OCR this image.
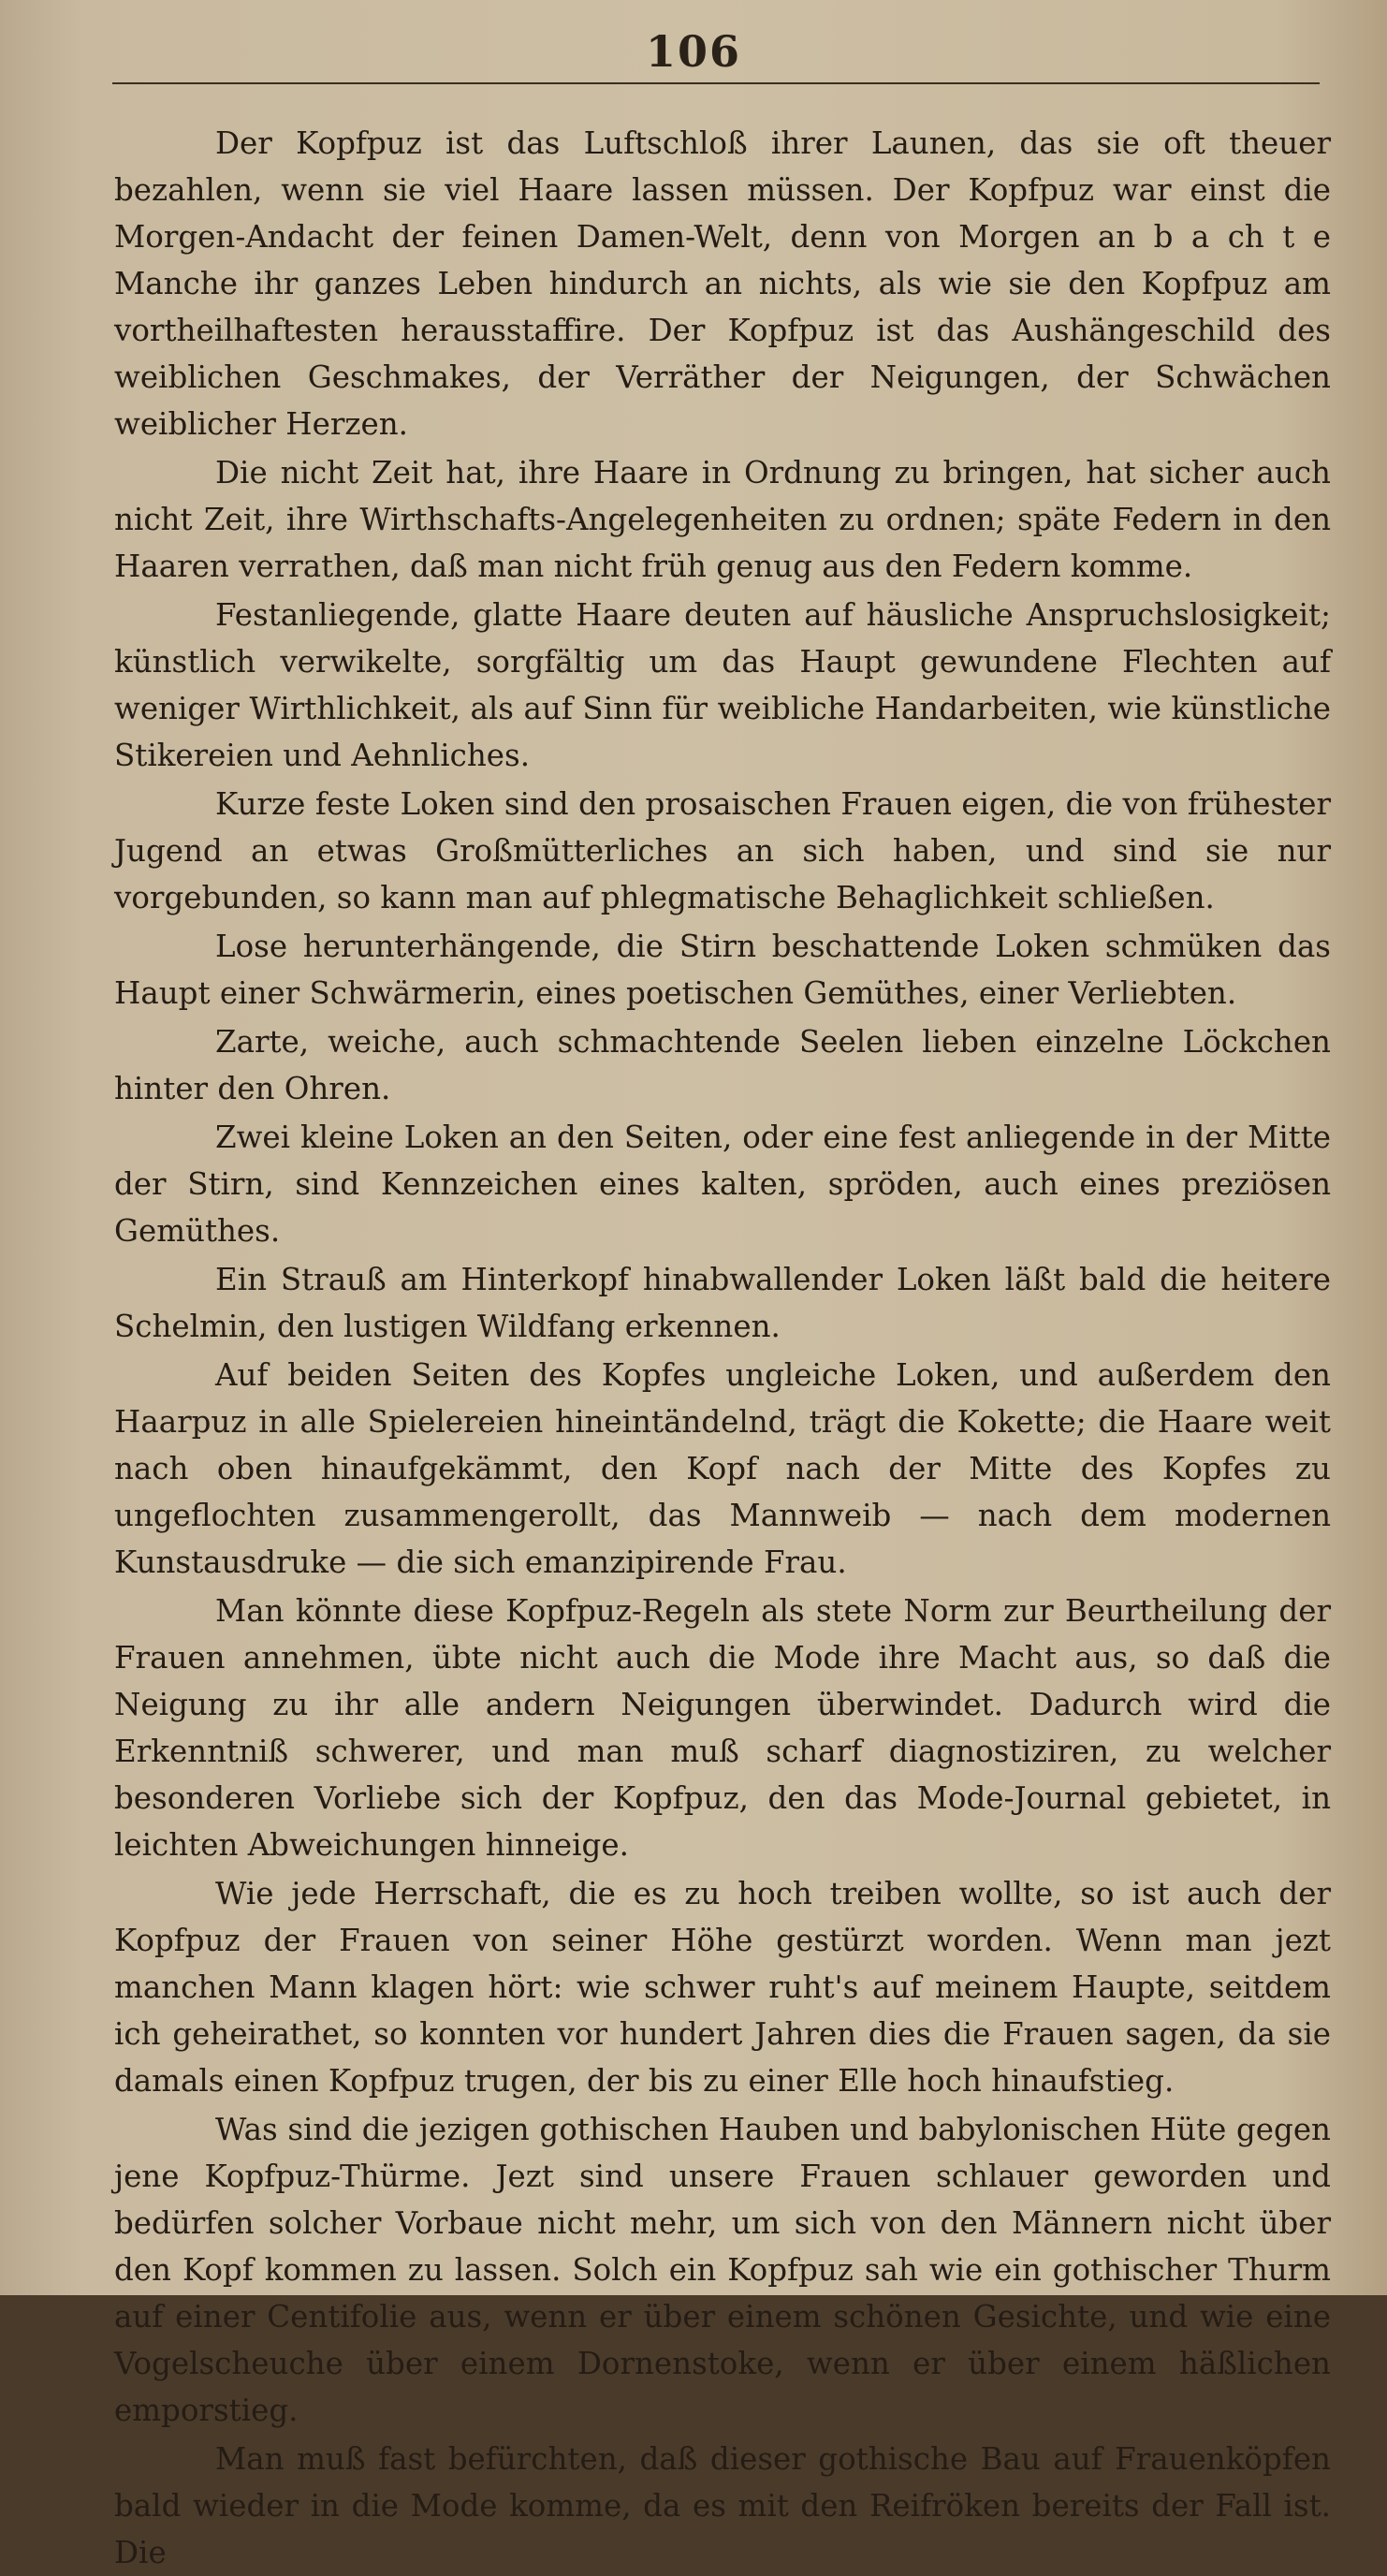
106

Der Kopfpuz ist das Luftschloß ihrer Launen, das sie oft theuer bezahlen, wenn sie viel Haare lassen müssen. Der Kopfpuz war einst die Morgen-Andacht der feinen Damen-Welt, denn von Morgen an b a ch t e Manche ihr ganzes Leben hindurch an nichts, als wie sie den Kopfpuz am vortheilhaftesten herausstaffire. Der Kopfpuz ist das Aushängeschild des weiblichen Geschmakes, der Verräther der Neigungen, der Schwächen weiblicher Herzen.

Die nicht Zeit hat, ihre Haare in Ordnung zu bringen, hat sicher auch nicht Zeit, ihre Wirthschafts-Angelegenheiten zu ordnen; späte Federn in den Haaren verrathen, daß man nicht früh genug aus den Federn komme.

Festanliegende, glatte Haare deuten auf häusliche Anspruchslosigkeit; künstlich verwikelte, sorgfältig um das Haupt gewundene Flechten auf weniger Wirthlichkeit, als auf Sinn für weibliche Handarbeiten, wie künstliche Stikereien und Aehnliches.

Kurze feste Loken sind den prosaischen Frauen eigen, die von frühester Jugend an etwas Großmütterliches an sich haben, und sind sie nur vorgebunden, so kann man auf phlegmatische Behaglichkeit schließen.

Lose herunterhängende, die Stirn beschattende Loken schmüken das Haupt einer Schwärmerin, eines poetischen Gemüthes, einer Verliebten.

Zarte, weiche, auch schmachtende Seelen lieben einzelne Löckchen hinter den Ohren.

Zwei kleine Loken an den Seiten, oder eine fest anliegende in der Mitte der Stirn, sind Kennzeichen eines kalten, spröden, auch eines preziösen Gemüthes.

Ein Strauß am Hinterkopf hinabwallender Loken läßt bald die heitere Schelmin, den lustigen Wildfang erkennen.

Auf beiden Seiten des Kopfes ungleiche Loken, und außerdem den Haarpuz in alle Spielereien hineintändelnd, trägt die Kokette; die Haare weit nach oben hinaufgekämmt, den Kopf nach der Mitte des Kopfes zu ungeflochten zusammengerollt, das Mannweib — nach dem modernen Kunstausdruke — die sich emanzipirende Frau.

Man könnte diese Kopfpuz-Regeln als stete Norm zur Beurtheilung der Frauen annehmen, übte nicht auch die Mode ihre Macht aus, so daß die Neigung zu ihr alle andern Neigungen überwindet. Dadurch wird die Erkenntniß schwerer, und man muß scharf diagnostiziren, zu welcher besonderen Vorliebe sich der Kopfpuz, den das Mode-Journal gebietet, in leichten Abweichungen hinneige.

Wie jede Herrschaft, die es zu hoch treiben wollte, so ist auch der Kopfpuz der Frauen von seiner Höhe gestürzt worden. Wenn man jezt manchen Mann klagen hört: wie schwer ruht's auf meinem Haupte, seitdem ich geheirathet, so konnten vor hundert Jahren dies die Frauen sagen, da sie damals einen Kopfpuz trugen, der bis zu einer Elle hoch hinaufstieg.

Was sind die jezigen gothischen Hauben und babylonischen Hüte gegen jene Kopfpuz-Thürme. Jezt sind unsere Frauen schlauer geworden und bedürfen solcher Vorbaue nicht mehr, um sich von den Männern nicht über den Kopf kommen zu lassen. Solch ein Kopfpuz sah wie ein gothischer Thurm auf einer Centifolie aus, wenn er über einem schönen Gesichte, und wie eine Vogelscheuche über einem Dornenstoke, wenn er über einem häßlichen emporstieg.

Man muß fast befürchten, daß dieser gothische Bau auf Frauenköpfen bald wieder in die Mode komme, da es mit den Reifröken bereits der Fall ist. Die
